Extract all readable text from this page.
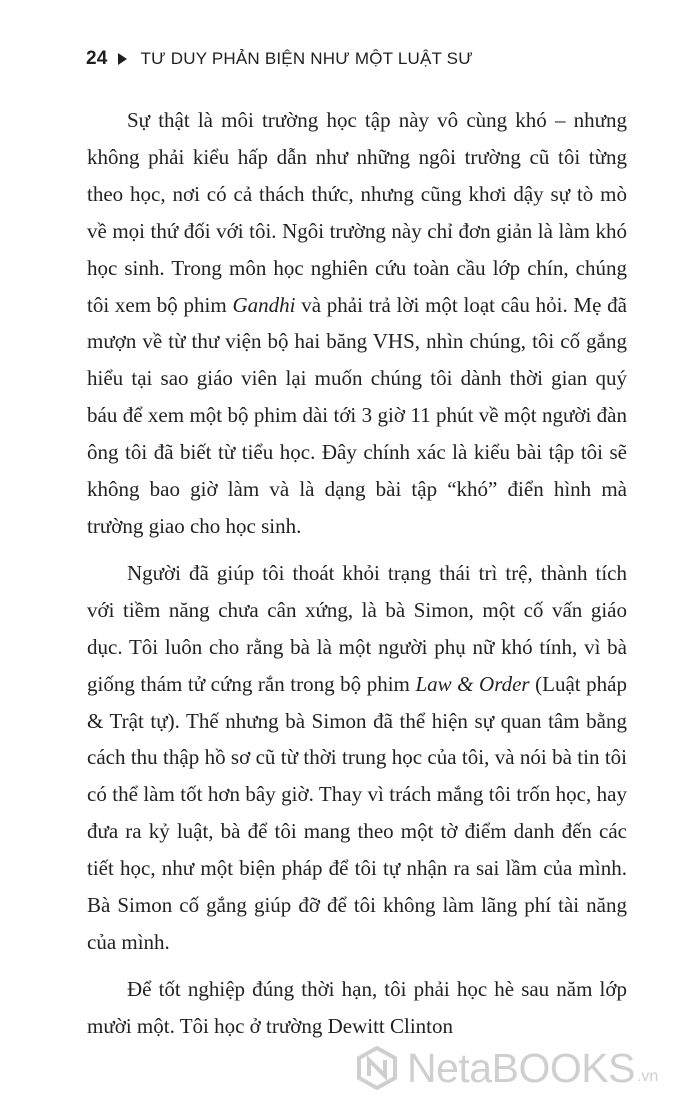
24 TƯ DUY PHẢN BIỆN NHƯ MỘT LUẬT SƯ

Sự thật là môi trường học tập này vô cùng khó – nhưng không phải kiểu hấp dẫn như những ngôi trường cũ tôi từng theo học, nơi có cả thách thức, nhưng cũng khơi dậy sự tò mò về mọi thứ đối với tôi. Ngôi trường này chỉ đơn giản là làm khó học sinh. Trong môn học nghiên cứu toàn cầu lớp chín, chúng tôi xem bộ phim Gandhi và phải trả lời một loạt câu hỏi. Mẹ đã mượn về từ thư viện bộ hai băng VHS, nhìn chúng, tôi cố gắng hiểu tại sao giáo viên lại muốn chúng tôi dành thời gian quý báu để xem một bộ phim dài tới 3 giờ 11 phút về một người đàn ông tôi đã biết từ tiểu học. Đây chính xác là kiểu bài tập tôi sẽ không bao giờ làm và là dạng bài tập “khó” điển hình mà trường giao cho học sinh.

Người đã giúp tôi thoát khỏi trạng thái trì trệ, thành tích với tiềm năng chưa cân xứng, là bà Simon, một cố vấn giáo dục. Tôi luôn cho rằng bà là một người phụ nữ khó tính, vì bà giống thám tử cứng rắn trong bộ phim Law & Order (Luật pháp & Trật tự). Thế nhưng bà Simon đã thể hiện sự quan tâm bằng cách thu thập hồ sơ cũ từ thời trung học của tôi, và nói bà tin tôi có thể làm tốt hơn bây giờ. Thay vì trách mắng tôi trốn học, hay đưa ra kỷ luật, bà để tôi mang theo một tờ điểm danh đến các tiết học, như một biện pháp để tôi tự nhận ra sai lầm của mình. Bà Simon cố gắng giúp đỡ để tôi không làm lãng phí tài năng của mình.

Để tốt nghiệp đúng thời hạn, tôi phải học hè sau năm lớp mười một. Tôi học ở trường Dewitt Clinton

NetaBOOKS .vn
